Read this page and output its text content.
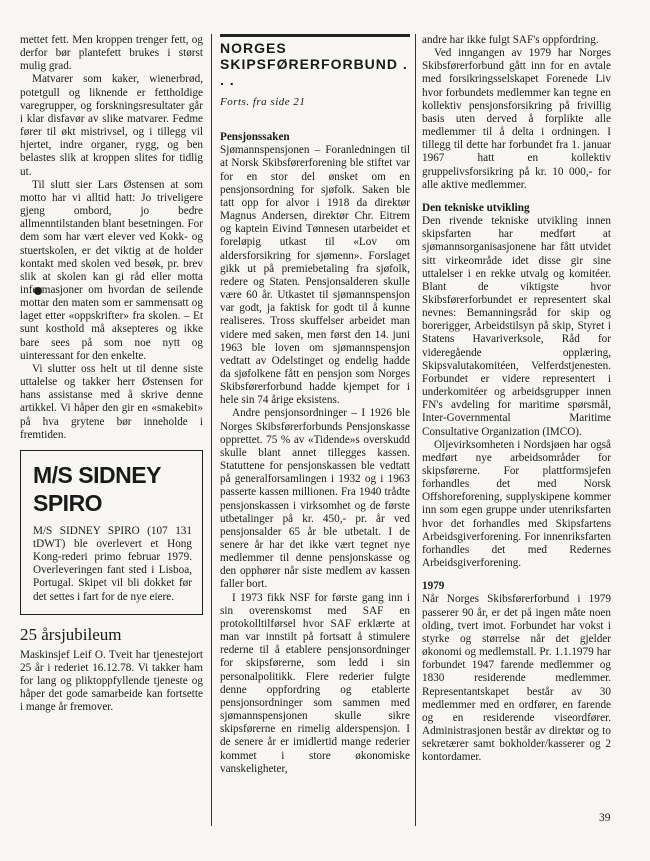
mettet fett. Men kroppen trenger fett, og derfor bør plantefett brukes i størst mulig grad.

Matvarer som kaker, wienerbrød, potetgull og liknende er fettholdige varegrupper, og forskningsresultater går i klar disfavør av slike matvarer. Fedme fører til økt mistrivsel, og i tillegg vil hjertet, indre organer, rygg, og ben belastes slik at kroppen slites for tidlig ut.

Til slutt sier Lars Østensen at som motto har vi alltid hatt: Jo triveligere gjeng ombord, jo bedre allmenntilstanden blant besetningen. For dem som har vært elever ved Kokk- og stuertskolen, er det viktig at de holder kontakt med skolen ved besøk, pr. brev slik at skolen kan gi råd eller motta informasjoner om hvordan de seilende mottar den maten som er sammensatt og laget etter «oppskrifter» fra skolen. – Et sunt kosthold må aksepteres og ikke bare sees på som noe nytt og uinteressant for den enkelte.

Vi slutter oss helt ut til denne siste uttalelse og takker herr Østensen for hans assistanse med å skrive denne artikkel. Vi håper den gir en «smakebit» på hva grytene bør inneholde i fremtiden.

M/S SIDNEY SPIRO

M/S SIDNEY SPIRO (107 131 tDWT) ble overlevert et Hong Kong-rederi primo februar 1979. Overleveringen fant sted i Lisboa, Portugal. Skipet vil bli dokket før det settes i fart for de nye eiere.

25 årsjubileum

Maskinsjef Leif O. Tveit har tjenestejort 25 år i rederiet 16.12.78. Vi takker ham for lang og pliktoppfyllende tjeneste og håper det gode samarbeide kan fortsette i mange år fremover.

NORGES SKIPSFØRERFORBUND . . .
Forts. fra side 21

Pensjonssaken

Sjømannspensjonen – Foranledningen til at Norsk Skibsførerforening ble stiftet var for en stor del ønsket om en pensjonsordning for sjøfolk. Saken ble tatt opp for alvor i 1918 da direktør Magnus Andersen, direktør Chr. Eitrem og kaptein Eivind Tønnesen utarbeidet et foreløpig utkast til «Lov om aldersforsikring for sjømenn». Forslaget gikk ut på premiebetaling fra sjøfolk, redere og Staten. Pensjonsalderen skulle være 60 år. Utkastet til sjømannspensjon var godt, ja faktisk for godt til å kunne realiseres. Tross skuffelser arbeidet man videre med saken, men først den 14. juni 1963 ble loven om sjømannspensjon vedtatt av Odelstinget og endelig hadde da sjøfolkene fått en pensjon som Norges Skibsførerforbund hadde kjempet for i hele sin 74 årige eksistens.

Andre pensjonsordninger – I 1926 ble Norges Skibsførerforbunds Pensjonskasse opprettet. 75 % av «Tidende»s overskudd skulle blant annet tillegges kassen. Statuttene for pensjonskassen ble vedtatt på generalforsamlingen i 1932 og i 1963 passerte kassen millionen. Fra 1940 trådte pensjonskassen i virksomhet og de første utbetalinger på kr. 450,- pr. år ved pensjonsalder 65 år ble utbetalt. I de senere år har det ikke vært tegnet nye medlemmer til denne pensjonskasse og den opphører når siste medlem av kassen faller bort.

I 1973 fikk NSF for første gang inn i sin overenskomst med SAF en protokolltilførsel hvor SAF erklærte at man var innstilt på fortsatt å stimulere rederne til å etablere pensjonsordninger for skipsførerne, som ledd i sin personalpolitikk. Flere rederier fulgte denne oppfordring og etablerte pensjonsordninger som sammen med sjømannspensjonen skulle sikre skipsførerne en rimelig alderspensjon. I de senere år er imidlertid mange rederier kommet i store økonomiske vanskeligheter,

andre har ikke fulgt SAF's oppfordring.

Ved inngangen av 1979 har Norges Skibsførerforbund gått inn for en avtale med forsikringsselskapet Forenede Liv hvor forbundets medlemmer kan tegne en kollektiv pensjonsforsikring på frivillig basis uten derved å forplikte alle medlemmer til å delta i ordningen. I tillegg til dette har forbundet fra 1. januar 1967 hatt en kollektiv gruppelivsforsikring på kr. 10 000,- for alle aktive medlemmer.

Den tekniske utvikling

Den rivende tekniske utvikling innen skipsfarten har medført at sjømannsorganisasjonene har fått utvidet sitt virkeområde idet disse gir sine uttalelser i en rekke utvalg og komitéer. Blant de viktigste hvor Skibsførerforbundet er representert skal nevnes: Bemanningsråd for skip og borerigger, Arbeidstilsyn på skip, Styret i Statens Havariverksole, Råd for videregående opplæring, Skipsvalutakomitéen, Velferdstjenesten. Forbundet er videre representert i underkomitéer og arbeidsgrupper innen FN's avdeling for maritime spørsmål, Inter-Governmental Maritime Consultative Organization (IMCO).

Oljevirksomheten i Nordsjøen har også medført nye arbeidsområder for skipsførerne. For plattformsjefen forhandles det med Norsk Offshoreforening, supplyskipene kommer inn som egen gruppe under utenriksfarten hvor det forhandles med Skipsfartens Arbeidsgiverforening. For innenriksfarten forhandles det med Redernes Arbeidsgiverforening.

1979

Når Norges Skibsførerforbund i 1979 passerer 90 år, er det på ingen måte noen olding, tvert imot. Forbundet har vokst i styrke og størrelse når det gjelder økonomi og medlemstall. Pr. 1.1.1979 har forbundet 1947 farende medlemmer og 1830 residerende medlemmer. Representantskapet består av 30 medlemmer med en ordfører, en farende og en residerende viseordfører. Administrasjonen består av direktør og to sekretærer samt bokholder/kasserer og 2 kontordamer.

39
